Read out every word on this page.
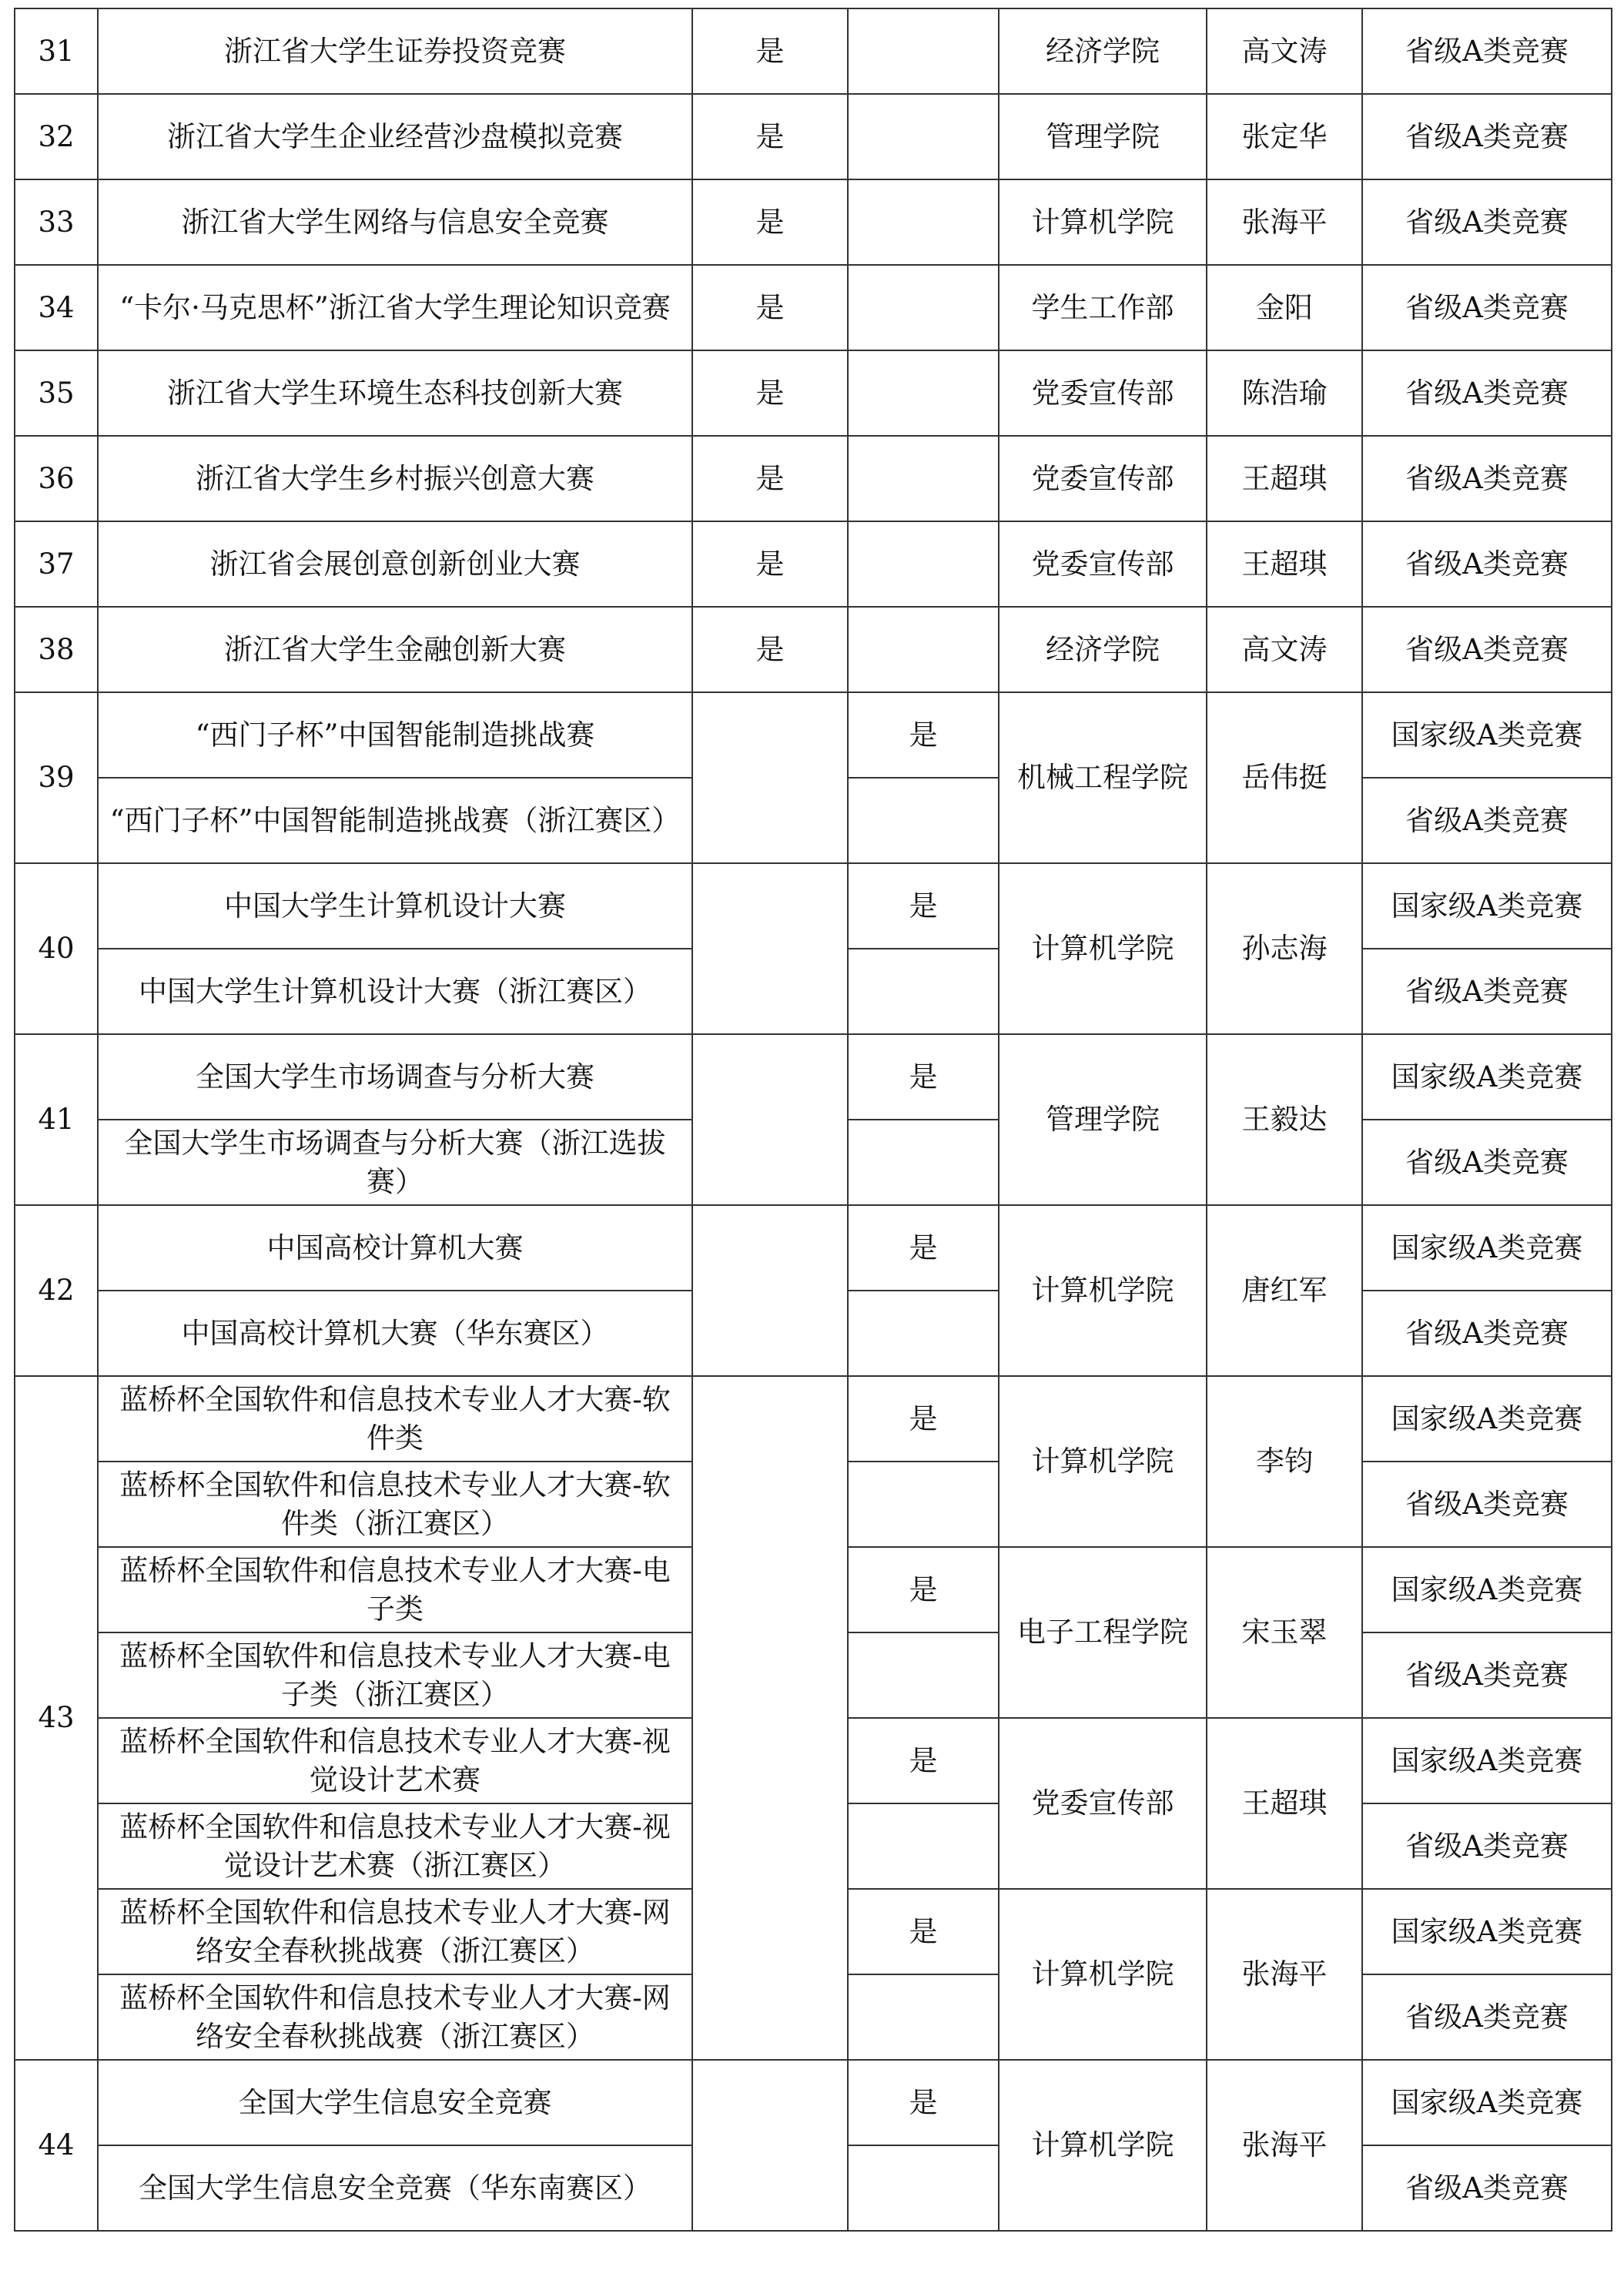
31	浙江省大学生证券投资竞赛	是		经济学院	高文涛	省级A类竞赛
32	浙江省大学生企业经营沙盘模拟竞赛	是		管理学院	张定华	省级A类竞赛
33	浙江省大学生网络与信息安全竞赛	是		计算机学院	张海平	省级A类竞赛
34	“卡尔·马克思杯”浙江省大学生理论知识竞赛	是		学生工作部	金阳	省级A类竞赛
35	浙江省大学生环境生态科技创新大赛	是		党委宣传部	陈浩瑜	省级A类竞赛
36	浙江省大学生乡村振兴创意大赛	是		党委宣传部	王超琪	省级A类竞赛
37	浙江省会展创意创新创业大赛	是		党委宣传部	王超琪	省级A类竞赛
38	浙江省大学生金融创新大赛	是		经济学院	高文涛	省级A类竞赛
39	“西门子杯”中国智能制造挑战赛		是	机械工程学院	岳伟挺	国家级A类竞赛
	“西门子杯”中国智能制造挑战赛（浙江赛区）					省级A类竞赛
40	中国大学生计算机设计大赛		是	计算机学院	孙志海	国家级A类竞赛
	中国大学生计算机设计大赛（浙江赛区）					省级A类竞赛
41	全国大学生市场调查与分析大赛		是	管理学院	王毅达	国家级A类竞赛
	全国大学生市场调查与分析大赛（浙江选拔赛）					省级A类竞赛
42	中国高校计算机大赛		是	计算机学院	唐红军	国家级A类竞赛
	中国高校计算机大赛（华东赛区）					省级A类竞赛
43	蓝桥杯全国软件和信息技术专业人才大赛-软件类		是	计算机学院	李钧	国家级A类竞赛
	蓝桥杯全国软件和信息技术专业人才大赛-软件类（浙江赛区）					省级A类竞赛
	蓝桥杯全国软件和信息技术专业人才大赛-电子类		是	电子工程学院	宋玉翠	国家级A类竞赛
	蓝桥杯全国软件和信息技术专业人才大赛-电子类（浙江赛区）					省级A类竞赛
	蓝桥杯全国软件和信息技术专业人才大赛-视觉设计艺术赛		是	党委宣传部	王超琪	国家级A类竞赛
	蓝桥杯全国软件和信息技术专业人才大赛-视觉设计艺术赛（浙江赛区）					省级A类竞赛
	蓝桥杯全国软件和信息技术专业人才大赛-网络安全春秋挑战赛（浙江赛区）		是	计算机学院	张海平	国家级A类竞赛
	蓝桥杯全国软件和信息技术专业人才大赛-网络安全春秋挑战赛（浙江赛区）					省级A类竞赛
44	全国大学生信息安全竞赛		是	计算机学院	张海平	国家级A类竞赛
	全国大学生信息安全竞赛（华东南赛区）					省级A类竞赛
